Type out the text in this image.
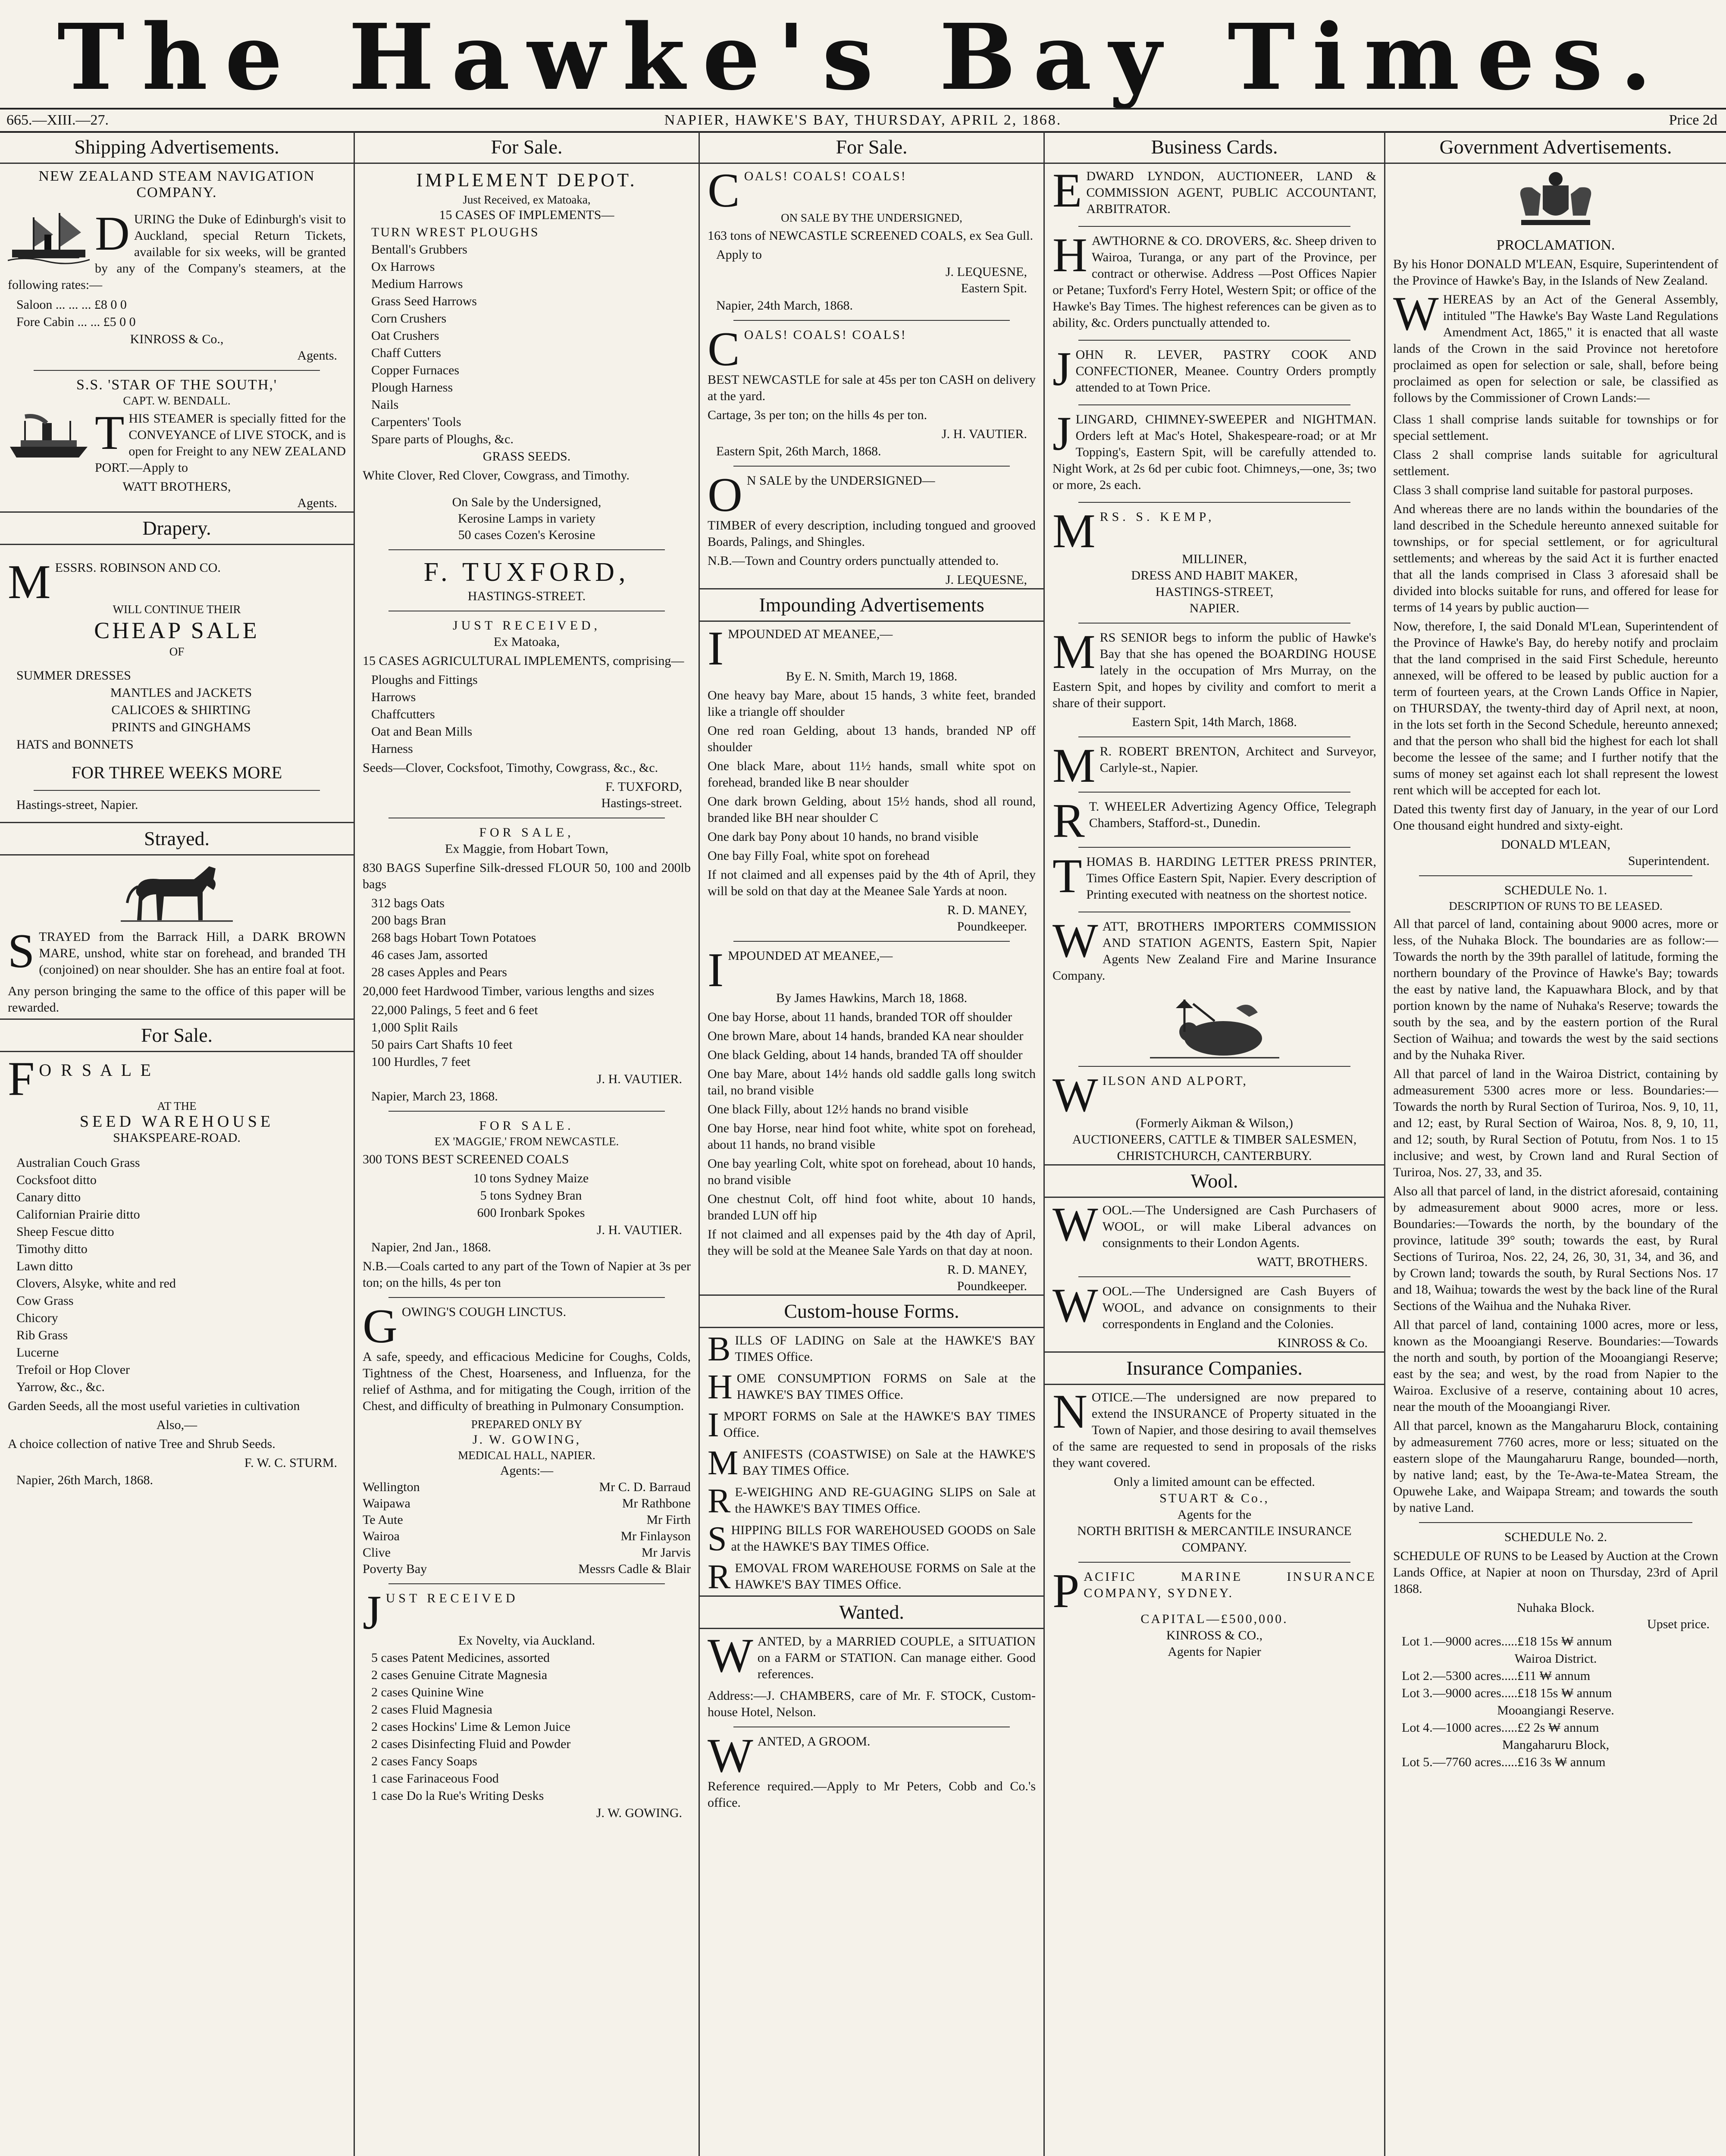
The Hawke's Bay Times.
665.—XIII.—27.	NAPIER, HAWKE'S BAY, THURSDAY, APRIL 2, 1868.	Price 2d
Shipping Advertisements.
NEW ZEALAND STEAM NAVIGATION COMPANY.
DURING the Duke of Edinburgh's visit to Auckland, special Return Tickets, available for six weeks, will be granted by any of the Company's steamers, at the following rates:—
Saloon ... ... ... £8 0 0
Fore Cabin ... ... £5 0 0
KINROSS & Co.,
Agents.
S.S. 'STAR OF THE SOUTH,'
CAPT. W. BENDALL.
THIS STEAMER is specially fitted for the CONVEYANCE of LIVE STOCK, and is open for Freight to any NEW ZEALAND PORT.—Apply to
WATT BROTHERS,
Agents.
Drapery.
MESSRS. ROBINSON AND CO.
WILL CONTINUE THEIR
CHEAP SALE
OF
SUMMER DRESSES
MANTLES and JACKETS
CALICOES & SHIRTING
PRINTS and GINGHAMS
HATS and BONNETS
FOR THREE WEEKS MORE
Hastings-street, Napier.
Strayed.
STRAYED from the Barrack Hill, a DARK BROWN MARE, unshod, white star on forehead, and branded TH (conjoined) on near shoulder. She has an entire foal at foot.
Any person bringing the same to the office of this paper will be rewarded.
For Sale.
F O R S A L E
AT THE
SEED WAREHOUSE
SHAKSPEARE-ROAD.
Australian Couch Grass
Cocksfoot ditto
Canary ditto
Californian Prairie ditto
Sheep Fescue ditto
Timothy ditto
Lawn ditto
Clovers, Alsyke, white and red
Cow Grass
Chicory
Rib Grass
Lucerne
Trefoil or Hop Clover
Yarrow, &c., &c.
Garden Seeds, all the most useful varieties in cultivation
Also,—
A choice collection of native Tree and Shrub Seeds.
F. W. C. STURM.
Napier, 26th March, 1868.
For Sale.
IMPLEMENT DEPOT.
Just Received, ex Matoaka,
15 CASES OF IMPLEMENTS—
TURN WREST PLOUGHS
Bentall's Grubbers
Ox Harrows
Medium Harrows
Grass Seed Harrows
Corn Crushers
Oat Crushers
Chaff Cutters
Copper Furnaces
Plough Harness
Nails
Carpenters' Tools
Spare parts of Ploughs, &c.
GRASS SEEDS.
White Clover, Red Clover, Cowgrass, and Timothy.
On Sale by the Undersigned,
Kerosine Lamps in variety
50 cases Cozen's Kerosine
F. TUXFORD,
HASTINGS-STREET.
JUST RECEIVED,
Ex Matoaka,
15 CASES AGRICULTURAL IMPLEMENTS, comprising—
Ploughs and Fittings
Harrows
Chaffcutters
Oat and Bean Mills
Harness
Seeds—Clover, Cocksfoot, Timothy, Cowgrass, &c., &c.
F. TUXFORD,
Hastings-street.
FOR SALE,
Ex Maggie, from Hobart Town,
830 BAGS Superfine Silk-dressed FLOUR 50, 100 and 200lb bags
312 bags Oats
200 bags Bran
268 bags Hobart Town Potatoes
46 cases Jam, assorted
28 cases Apples and Pears
20,000 feet Hardwood Timber, various lengths and sizes
22,000 Palings, 5 feet and 6 feet
1,000 Split Rails
50 pairs Cart Shafts 10 feet
100 Hurdles, 7 feet
J. H. VAUTIER.
Napier, March 23, 1868.
FOR SALE.
EX 'MAGGIE,' FROM NEWCASTLE.
300 TONS BEST SCREENED COALS
10 tons Sydney Maize
5 tons Sydney Bran
600 Ironbark Spokes
J. H. VAUTIER.
Napier, 2nd Jan., 1868.
N.B.—Coals carted to any part of the Town of Napier at 3s per ton; on the hills, 4s per ton
GOWING'S COUGH LINCTUS.
A safe, speedy, and efficacious Medicine for Coughs, Colds, Tightness of the Chest, Hoarseness, and Influenza, for the relief of Asthma, and for mitigating the Cough, irrition of the Chest, and difficulty of breathing in Pulmonary Consumption.
PREPARED ONLY BY
J. W. GOWING,
MEDICAL HALL, NAPIER.
Agents:—
Wellington	Mr C. D. Barraud
Waipawa	Mr Rathbone
Te Aute	Mr Firth
Wairoa	Mr Finlayson
Clive	Mr Jarvis
Poverty Bay	Messrs Cadle & Blair
JUST RECEIVED
Ex Novelty, via Auckland.
5 cases Patent Medicines, assorted
2 cases Genuine Citrate Magnesia
2 cases Quinine Wine
2 cases Fluid Magnesia
2 cases Hockins' Lime & Lemon Juice
2 cases Disinfecting Fluid and Powder
2 cases Fancy Soaps
1 case Farinaceous Food
1 case Do la Rue's Writing Desks
J. W. GOWING.
For Sale.
COALS! COALS! COALS!
ON SALE BY THE UNDERSIGNED,
163 tons of NEWCASTLE SCREENED COALS, ex Sea Gull.
Apply to
J. LEQUESNE,
Eastern Spit.
Napier, 24th March, 1868.
COALS! COALS! COALS!
BEST NEWCASTLE for sale at 45s per ton CASH on delivery at the yard.
Cartage, 3s per ton; on the hills 4s per ton.
J. H. VAUTIER.
Eastern Spit, 26th March, 1868.
O N SALE by the UNDERSIGNED—
TIMBER of every description, including tongued and grooved Boards, Palings, and Shingles.
N.B.—Town and Country orders punctually attended to.
J. LEQUESNE,
Impounding Advertisements
IMPOUNDED AT MEANEE,—
By E. N. Smith, March 19, 1868.
One heavy bay Mare, about 15 hands, 3 white feet, branded like a triangle off shoulder
One red roan Gelding, about 13 hands, branded NP off shoulder
One black Mare, about 11½ hands, small white spot on forehead, branded like B near shoulder
One dark brown Gelding, about 15½ hands, shod all round, branded like BH near shoulder C
One dark bay Pony about 10 hands, no brand visible
One bay Filly Foal, white spot on forehead
If not claimed and all expenses paid by the 4th of April, they will be sold on that day at the Meanee Sale Yards at noon.
R. D. MANEY,
Poundkeeper.
IMPOUNDED AT MEANEE,—
By James Hawkins, March 18, 1868.
One bay Horse, about 11 hands, branded TOR off shoulder
One brown Mare, about 14 hands, branded KA near shoulder
One black Gelding, about 14 hands, branded TA off shoulder
One bay Mare, about 14½ hands old saddle galls long switch tail, no brand visible
One black Filly, about 12½ hands no brand visible
One bay Horse, near hind foot white, white spot on forehead, about 11 hands, no brand visible
One bay yearling Colt, white spot on forehead, about 10 hands, no brand visible
One chestnut Colt, off hind foot white, about 10 hands, branded LUN off hip
If not claimed and all expenses paid by the 4th day of April, they will be sold at the Meanee Sale Yards on that day at noon.
R. D. MANEY,
Poundkeeper.
Custom-house Forms.
BILLS OF LADING on Sale at the HAWKE'S BAY TIMES Office.
HOME CONSUMPTION FORMS on Sale at the HAWKE'S BAY TIMES Office.
IMPORT FORMS on Sale at the HAWKE'S BAY TIMES Office.
MANIFESTS (COASTWISE) on Sale at the HAWKE'S BAY TIMES Office.
R E-WEIGHING AND RE-GUAGING SLIPS on Sale at the HAWKE'S BAY TIMES Office.
SHIPPING BILLS FOR WAREHOUSED GOODS on Sale at the HAWKE'S BAY TIMES Office.
REMOVAL FROM WAREHOUSE FORMS on Sale at the HAWKE'S BAY TIMES Office.
Wanted.
WANTED, by a MARRIED COUPLE, a SITUATION on a FARM or STATION. Can manage either. Good references.
Address:—J. CHAMBERS, care of Mr. F. STOCK, Custom-house Hotel, Nelson.
WANTED, A GROOM.
Reference required.—Apply to Mr Peters, Cobb and Co.'s office.
Business Cards.
EDWARD LYNDON, AUCTIONEER, LAND & COMMISSION AGENT, PUBLIC ACCOUNTANT, ARBITRATOR.
HAWTHORNE & CO. DROVERS, &c. Sheep driven to Wairoa, Turanga, or any part of the Province, per contract or otherwise. Address —Post Offices Napier or Petane; Tuxford's Ferry Hotel, Western Spit; or office of the Hawke's Bay Times. The highest references can be given as to ability, &c. Orders punctually attended to.
JOHN R. LEVER, PASTRY COOK AND CONFECTIONER, Meanee. Country Orders promptly attended to at Town Price.
JLINGARD, CHIMNEY-SWEEPER and NIGHTMAN. Orders left at Mac's Hotel, Shakespeare-road; or at Mr Topping's, Eastern Spit, will be carefully attended to. Night Work, at 2s 6d per cubic foot. Chimneys,—one, 3s; two or more, 2s each.
MRS. S. KEMP,
MILLINER,
DRESS AND HABIT MAKER,
HASTINGS-STREET,
NAPIER.
MRS SENIOR begs to inform the public of Hawke's Bay that she has opened the BOARDING HOUSE lately in the occupation of Mrs Murray, on the Eastern Spit, and hopes by civility and comfort to merit a share of their support.
Eastern Spit, 14th March, 1868.
M R. ROBERT BRENTON, Architect and Surveyor, Carlyle-st., Napier.
R T. WHEELER Advertizing Agency Office, Telegraph Chambers, Stafford-st., Dunedin.
THOMAS B. HARDING LETTER PRESS PRINTER, Times Office Eastern Spit, Napier. Every description of Printing executed with neatness on the shortest notice.
WATT, BROTHERS IMPORTERS COMMISSION AND STATION AGENTS, Eastern Spit, Napier Agents New Zealand Fire and Marine Insurance Company.
WILSON AND ALPORT,
(Formerly Aikman & Wilson,)
AUCTIONEERS, CATTLE & TIMBER SALESMEN,
CHRISTCHURCH, CANTERBURY.
Wool.
WOOL.—The Undersigned are Cash Purchasers of WOOL, or will make Liberal advances on consignments to their London Agents.
WATT, BROTHERS.
WOOL.—The Undersigned are Cash Buyers of WOOL, and advance on consignments to their correspondents in England and the Colonies.
KINROSS & Co.
Insurance Companies.
NOTICE.—The undersigned are now prepared to extend the INSURANCE of Property situated in the Town of Napier, and those desiring to avail themselves of the same are requested to send in proposals of the risks they want covered.
Only a limited amount can be effected.
STUART & Co.,
Agents for the
NORTH BRITISH & MERCANTILE INSURANCE COMPANY.
PACIFIC MARINE INSURANCE COMPANY, SYDNEY.
CAPITAL—£500,000.
KINROSS & CO.,
Agents for Napier
Government Advertisements.
PROCLAMATION.
By his Honor DONALD M'LEAN, Esquire, Superintendent of the Province of Hawke's Bay, in the Islands of New Zealand.
WHEREAS by an Act of the General Assembly, intituled "The Hawke's Bay Waste Land Regulations Amendment Act, 1865," it is enacted that all waste lands of the Crown in the said Province not heretofore proclaimed as open for selection or sale, shall, before being proclaimed as open for selection or sale, be classified as follows by the Commissioner of Crown Lands:—
Class 1 shall comprise lands suitable for townships or for special settlement.
Class 2 shall comprise lands suitable for agricultural settlement.
Class 3 shall comprise land suitable for pastoral purposes.
And whereas there are no lands within the boundaries of the land described in the Schedule hereunto annexed suitable for townships, or for special settlement, or for agricultural settlements; and whereas by the said Act it is further enacted that all the lands comprised in Class 3 aforesaid shall be divided into blocks suitable for runs, and offered for lease for terms of 14 years by public auction—
Now, therefore, I, the said Donald M'Lean, Superintendent of the Province of Hawke's Bay, do hereby notify and proclaim that the land comprised in the said First Schedule, hereunto annexed, will be offered to be leased by public auction for a term of fourteen years, at the Crown Lands Office in Napier, on THURSDAY, the twenty-third day of April next, at noon, in the lots set forth in the Second Schedule, hereunto annexed; and that the person who shall bid the highest for each lot shall become the lessee of the same; and I further notify that the sums of money set against each lot shall represent the lowest rent which will be accepted for each lot.
Dated this twenty first day of January, in the year of our Lord One thousand eight hundred and sixty-eight.
DONALD M'LEAN,
Superintendent.
SCHEDULE No. 1.
DESCRIPTION OF RUNS TO BE LEASED.
All that parcel of land, containing about 9000 acres, more or less, of the Nuhaka Block. The boundaries are as follow:—Towards the north by the 39th parallel of latitude, forming the northern boundary of the Province of Hawke's Bay; towards the east by native land, the Kapuawhara Block, and by that portion known by the name of Nuhaka's Reserve; towards the south by the sea, and by the eastern portion of the Rural Section of Waihua; and towards the west by the said sections and by the Nuhaka River.
All that parcel of land in the Wairoa District, containing by admeasurement 5300 acres more or less. Boundaries:—Towards the north by Rural Section of Turiroa, Nos. 9, 10, 11, and 12; east, by Rural Section of Wairoa, Nos. 8, 9, 10, 11, and 12; south, by Rural Section of Potutu, from Nos. 1 to 15 inclusive; and west, by Crown land and Rural Section of Turiroa, Nos. 27, 33, and 35.
Also all that parcel of land, in the district aforesaid, containing by admeasurement about 9000 acres, more or less. Boundaries:—Towards the north, by the boundary of the province, latitude 39° south; towards the east, by Rural Sections of Turiroa, Nos. 22, 24, 26, 30, 31, 34, and 36, and by Crown land; towards the south, by Rural Sections Nos. 17 and 18, Waihua; towards the west by the back line of the Rural Sections of the Waihua and the Nuhaka River.
All that parcel of land, containing 1000 acres, more or less, known as the Mooangiangi Reserve. Boundaries:—Towards the north and south, by portion of the Mooangiangi Reserve; east by the sea; and west, by the road from Napier to the Wairoa. Exclusive of a reserve, containing about 10 acres, near the mouth of the Mooangiangi River.
All that parcel, known as the Mangaharuru Block, containing by admeasurement 7760 acres, more or less; situated on the eastern slope of the Maungaharuru Range, bounded—north, by native land; east, by the Te-Awa-te-Matea Stream, the Opuwehe Lake, and Waipapa Stream; and towards the south by native Land.
SCHEDULE No. 2.
SCHEDULE OF RUNS to be Leased by Auction at the Crown Lands Office, at Napier at noon on Thursday, 23rd of April 1868.
Nuhaka Block.
Upset price.
Lot 1.—9000 acres.....£18 15s ₩ annum
Wairoa District.
Lot 2.—5300 acres.....£11 ₩ annum
Lot 3.—9000 acres.....£18 15s ₩ annum
Mooangiangi Reserve.
Lot 4.—1000 acres.....£2 2s ₩ annum
Mangaharuru Block,
Lot 5.—7760 acres.....£16 3s ₩ annum
